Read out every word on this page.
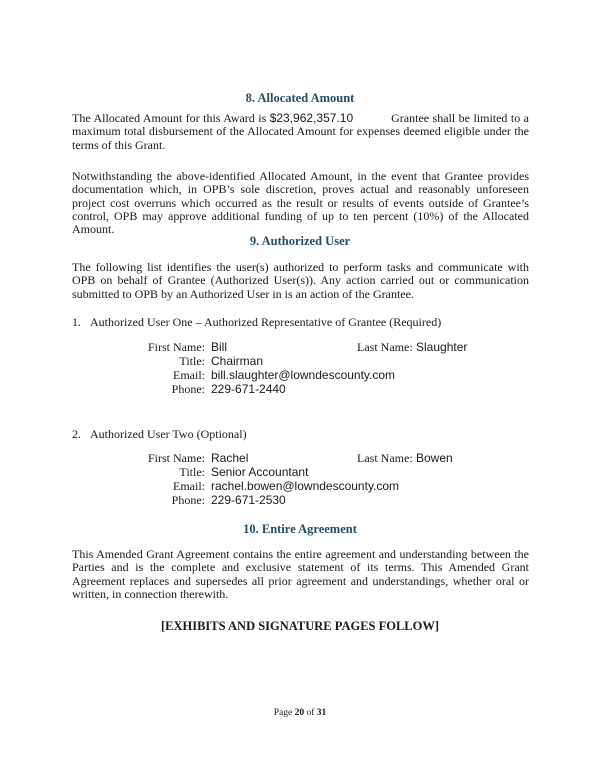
8. Allocated Amount
The Allocated Amount for this Award is $23,962,357.10	Grantee shall be limited to a maximum total disbursement of the Allocated Amount for expenses deemed eligible under the terms of this Grant.
Notwithstanding the above-identified Allocated Amount, in the event that Grantee provides documentation which, in OPB’s sole discretion, proves actual and reasonably unforeseen project cost overruns which occurred as the result or results of events outside of Grantee’s control, OPB may approve additional funding of up to ten percent (10%) of the Allocated Amount.
9. Authorized User
The following list identifies the user(s) authorized to perform tasks and communicate with OPB on behalf of Grantee (Authorized User(s)). Any action carried out or communication submitted to OPB by an Authorized User in is an action of the Grantee.
1. Authorized User One – Authorized Representative of Grantee (Required)
First Name: Bill	Last Name: Slaughter
Title: Chairman
Email: bill.slaughter@lowndescounty.com
Phone: 229-671-2440
2. Authorized User Two (Optional)
First Name: Rachel	Last Name: Bowen
Title: Senior Accountant
Email: rachel.bowen@lowndescounty.com
Phone: 229-671-2530
10. Entire Agreement
This Amended Grant Agreement contains the entire agreement and understanding between the Parties and is the complete and exclusive statement of its terms. This Amended Grant Agreement replaces and supersedes all prior agreement and understandings, whether oral or written, in connection therewith.
[EXHIBITS AND SIGNATURE PAGES FOLLOW]
Page 20 of 31
